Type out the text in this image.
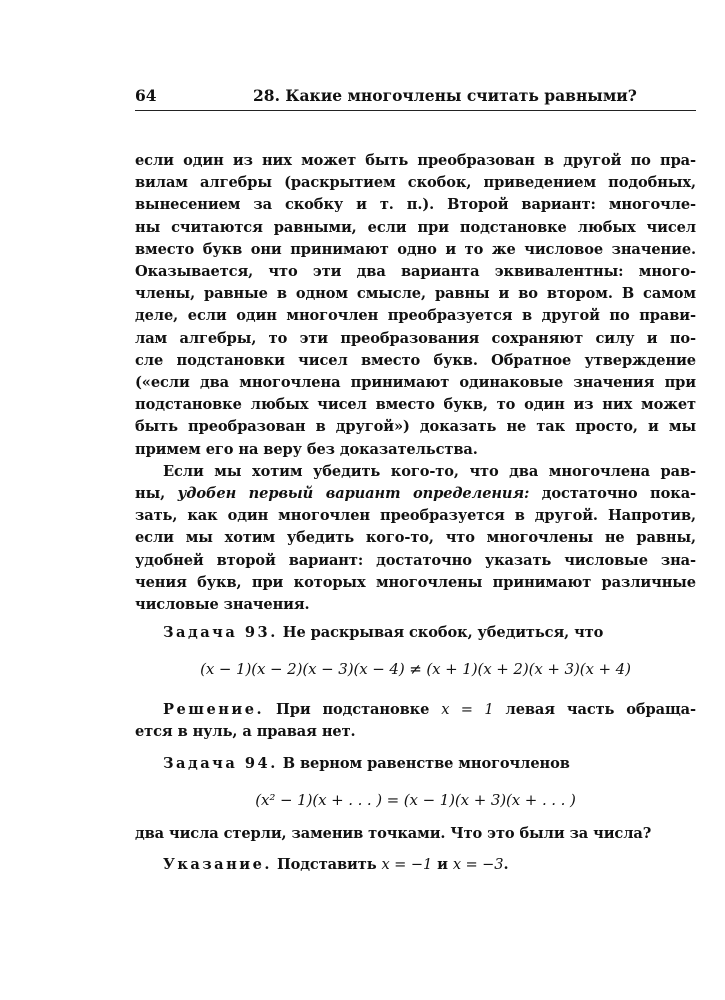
64	28. Какие многочлены считать равными?
если один из них может быть преобразован в другой по пра-
вилам алгебры (раскрытием скобок, приведением подобных,
вынесением за скобку и т. п.). Второй вариант: многочле-
ны считаются равными, если при подстановке любых чисел
вместо букв они принимают одно и то же числовое значение.
Оказывается, что эти два варианта эквивалентны: много-
члены, равные в одном смысле, равны и во втором. В самом
деле, если один многочлен преобразуется в другой по прави-
лам алгебры, то эти преобразования сохраняют силу и по-
сле подстановки чисел вместо букв. Обратное утверждение
(«если два многочлена принимают одинаковые значения при
подстановке любых чисел вместо букв, то один из них может
быть преобразован в другой») доказать не так просто, и мы
примем его на веру без доказательства.
Если мы хотим убедить кого-то, что два многочлена рав-
ны, удобен первый вариант определения: достаточно пока-
зать, как один многочлен преобразуется в другой. Напротив,
если мы хотим убедить кого-то, что многочлены не равны,
удобней второй вариант: достаточно указать числовые зна-
чения букв, при которых многочлены принимают различные
числовые значения.
Задача 93. Не раскрывая скобок, убедиться, что

(x − 1)(x − 2)(x − 3)(x − 4) ≠ (x + 1)(x + 2)(x + 3)(x + 4)

Решение. При подстановке x = 1 левая часть обраща-
ется в нуль, а правая нет.
Задача 94. В верном равенстве многочленов

(x² − 1)(x + . . . ) = (x − 1)(x + 3)(x + . . . )

два числа стерли, заменив точками. Что это были за числа?
Указание. Подставить x = −1 и x = −3.
